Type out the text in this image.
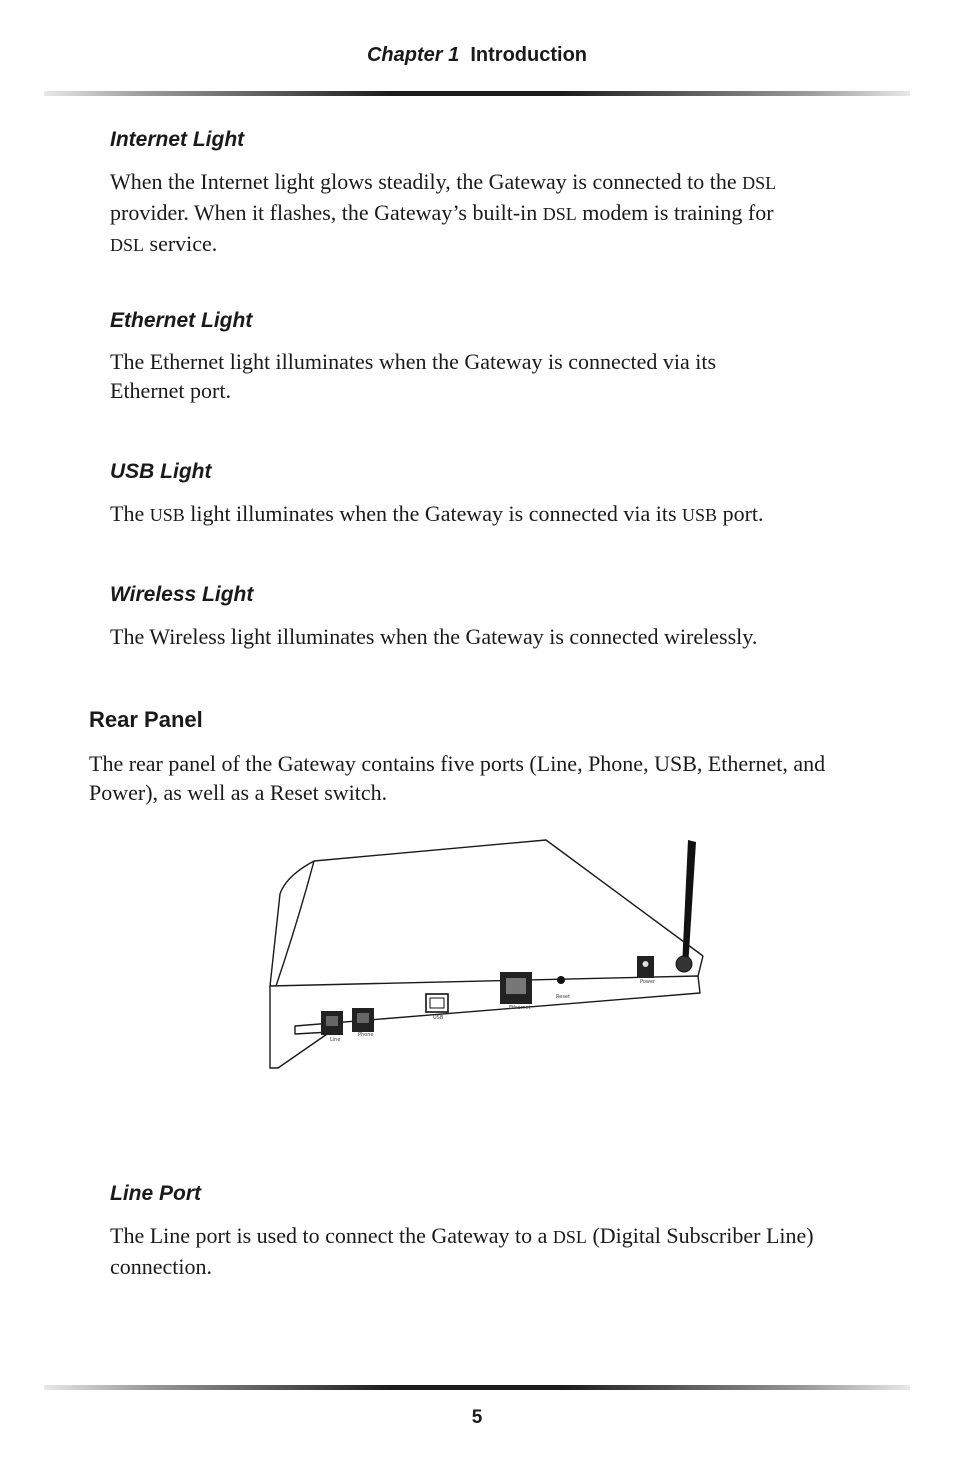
Chapter 1 Introduction
Internet Light
When the Internet light glows steadily, the Gateway is connected to the DSL
provider. When it flashes, the Gateway’s built-in DSL modem is training for
DSL service.
Ethernet Light
The Ethernet light illuminates when the Gateway is connected via its Ethernet port.
USB Light
The USB light illuminates when the Gateway is connected via its USB port.
Wireless Light
The Wireless light illuminates when the Gateway is connected wirelessly.
Rear Panel
The rear panel of the Gateway contains five ports (Line, Phone, USB, Ethernet, and Power), as well as a Reset switch.
Line
Phone
USB
Ethernet
Reset
Power
Line Port
The Line port is used to connect the Gateway to a DSL (Digital Subscriber Line) connection.
5
